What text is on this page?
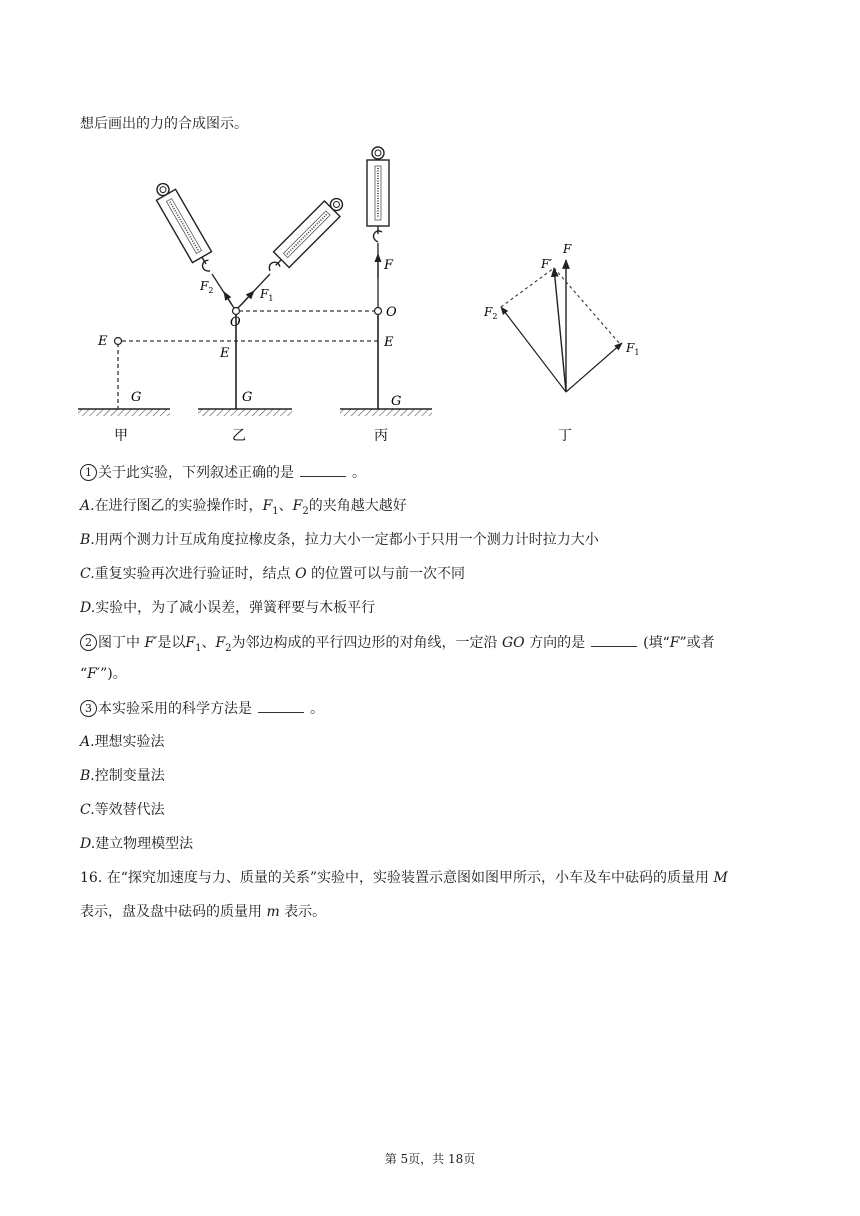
想后画出的力的合成图示。
E
G
O
E
G
$F_2$	$F_1$
F
O
E
G
F
F′
$F_2$
$F_1$
甲	乙	丙	丁
1 关于此实验，下列叙述正确的是	。
A.在进行图乙的实验操作时，$F_1$、$F_2$的夹角越大越好
B.用两个测力计互成角度拉橡皮条，拉力大小一定都小于只用一个测力计时拉力大小
C.重复实验再次进行验证时，结点 O 的位置可以与前一次不同
D.实验中，为了减小误差，弹簧秤要与木板平行
2 图丁中 F′是以$F_1$、$F_2$为邻边构成的平行四边形的对角线，一定沿 GO 方向的是	(填“F”或者
“F′”)。
3 本实验采用的科学方法是	。
A.理想实验法
B.控制变量法
C.等效替代法
D.建立物理模型法
16. 在“探究加速度与力、质量的关系”实验中，实验装置示意图如图甲所示，小车及车中砝码的质量用 M
表示，盘及盘中砝码的质量用 m 表示。
第 5页，共 18页
